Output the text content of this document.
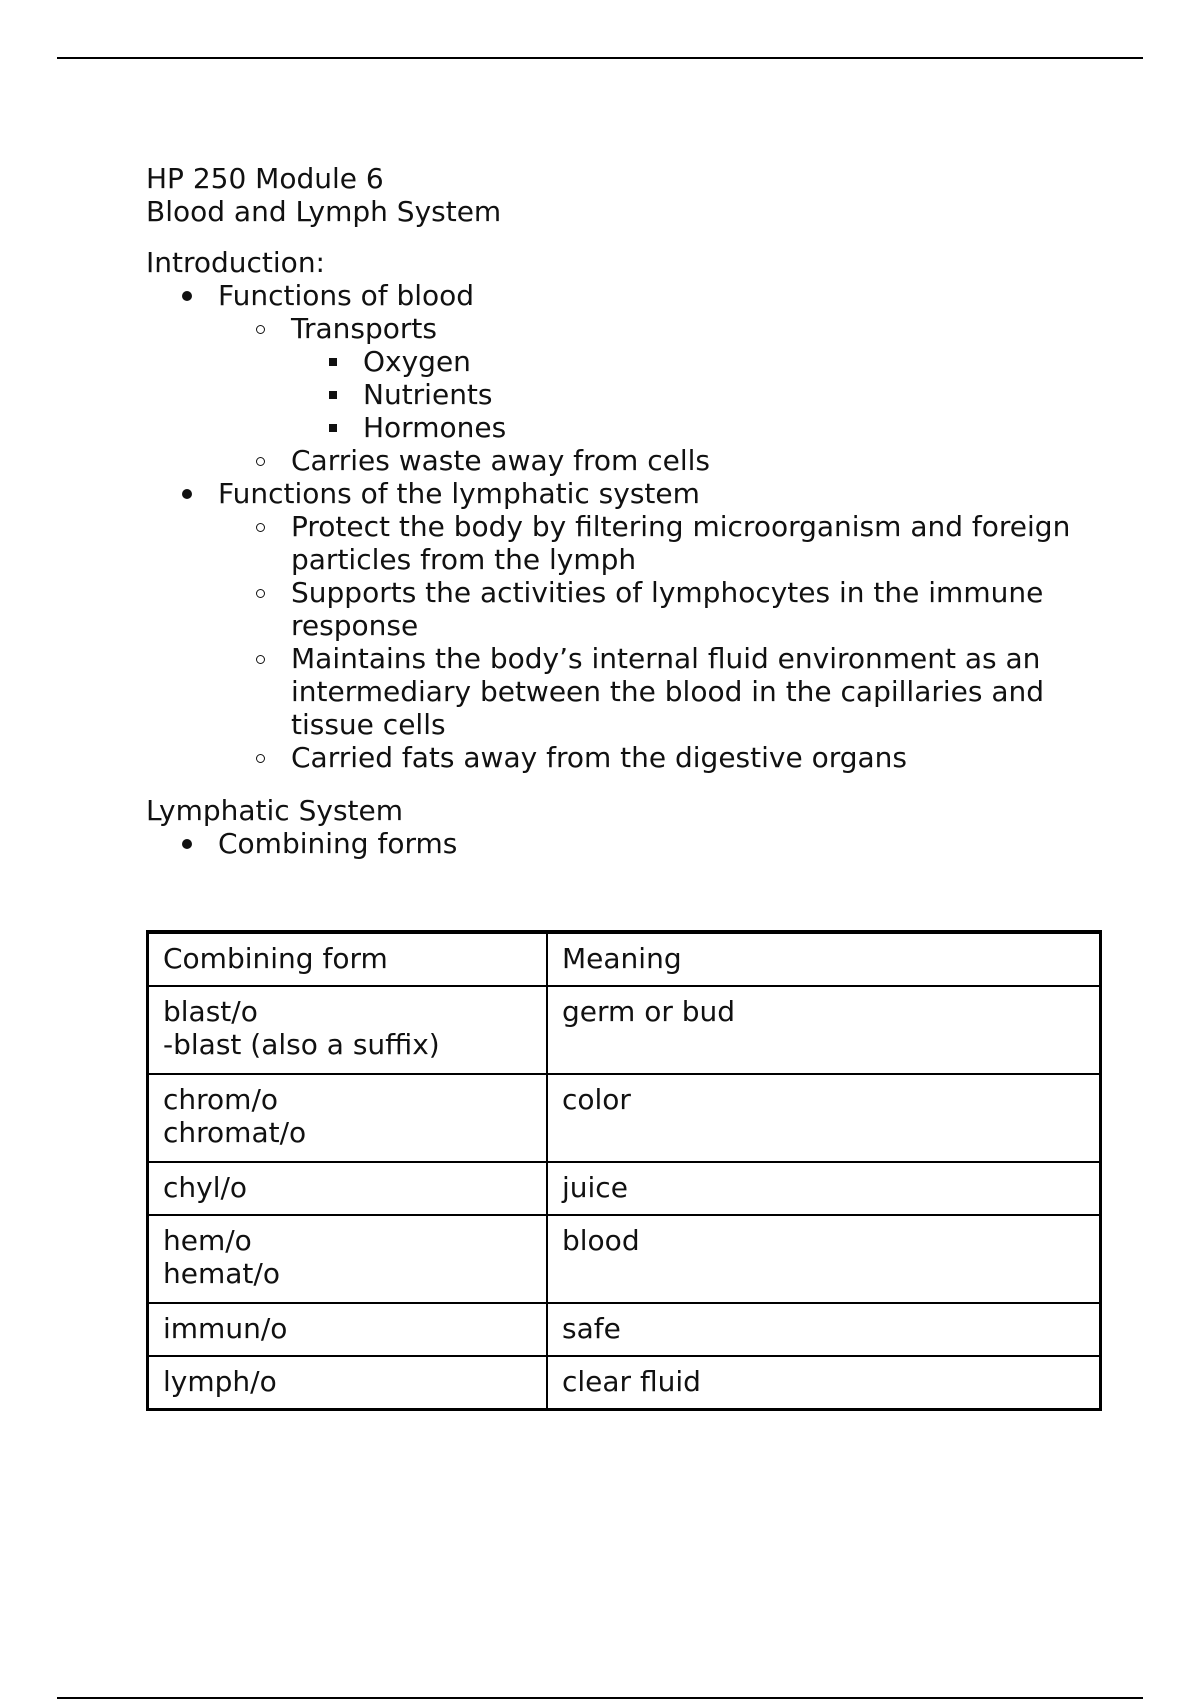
HP 250 Module 6
Blood and Lymph System
Introduction:
Functions of blood
Transports
Oxygen
Nutrients
Hormones
Carries waste away from cells
Functions of the lymphatic system
Protect the body by filtering microorganism and foreign particles from the lymph
Supports the activities of lymphocytes in the immune response
Maintains the body’s internal fluid environment as an intermediary between the blood in the capillaries and tissue cells
Carried fats away from the digestive organs
Lymphatic System
Combining forms
Combining form	Meaning

blast/o
-blast (also a suffix)	germ or bud

chrom/o
chromat/o	color

chyl/o	juice

hem/o
hemat/o	blood

immun/o	safe

lymph/o	clear fluid
